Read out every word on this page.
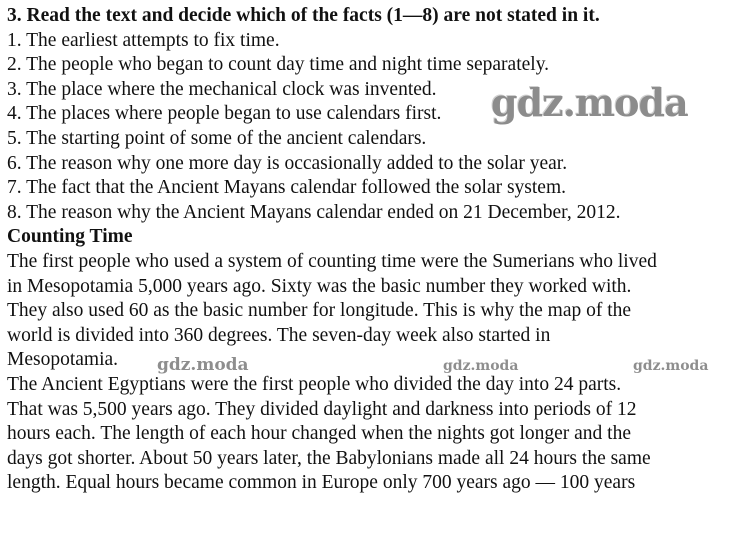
3. Read the text and decide which of the facts (1—8) are not stated in it.
1. The earliest attempts to fix time.
2. The people who began to count day time and night time separately.
3. The place where the mechanical clock was invented.
4. The places where people began to use calendars first.
5. The starting point of some of the ancient calendars.
6. The reason why one more day is occasionally added to the solar year.
7. The fact that the Ancient Mayans calendar followed the solar system.
8. The reason why the Ancient Mayans calendar ended on 21 December, 2012.
Counting Time
The first people who used a system of counting time were the Sumerians who lived
in Mesopotamia 5,000 years ago. Sixty was the basic number they worked with.
They also used 60 as the basic number for longitude. This is why the map of the
world is divided into 360 degrees. The seven-day week also started in
Mesopotamia.
The Ancient Egyptians were the first people who divided the day into 24 parts.
That was 5,500 years ago. They divided daylight and darkness into periods of 12
hours each. The length of each hour changed when the nights got longer and the
days got shorter. About 50 years later, the Babylonians made all 24 hours the same
length. Equal hours became common in Europe only 700 years ago — 100 years
gdz.moda
gdz.moda	gdz.moda	gdz.moda
